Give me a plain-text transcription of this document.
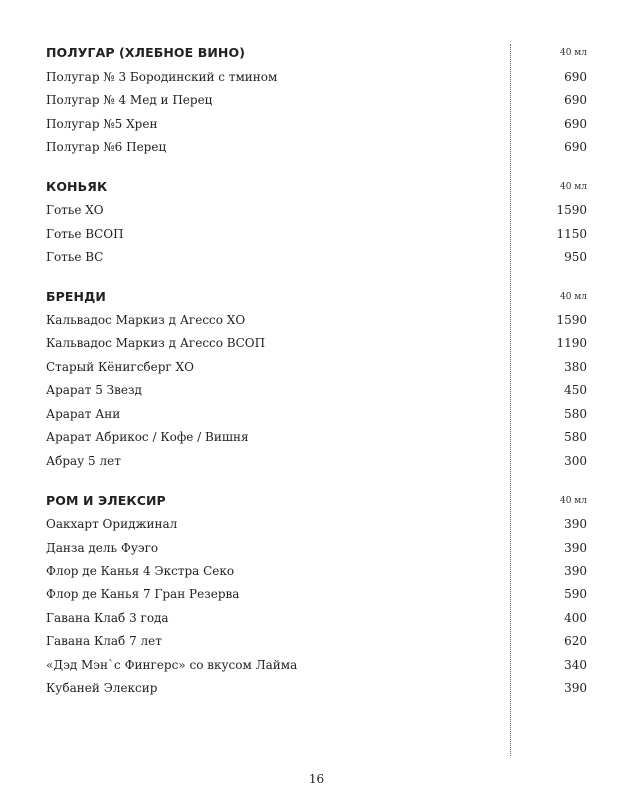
ПОЛУГАР (ХЛЕБНОЕ ВИНО)	40 мл
Полугар № 3 Бородинский с тмином	690
Полугар № 4 Мед и Перец	690
Полугар №5 Хрен	690
Полугар №6 Перец	690
КОНЬЯК	40 мл
Готье ХО	1590
Готье ВСОП	1150
Готье ВС	950
БРЕНДИ	40 мл
Кальвадос Маркиз д Агессо ХО	1590
Кальвадос Маркиз д Агессо ВСОП	1190
Старый Кёнигсберг ХО	380
Арарат 5 Звезд	450
Арарат Ани	580
Арарат Абрикос / Кофе / Вишня	580
Абрау 5 лет	300
РОМ И ЭЛЕКСИР	40 мл
Оакхарт Ориджинал	390
Данза дель Фуэго	390
Флор де Канья 4 Экстра Секо	390
Флор де Канья 7 Гран Резерва	590
Гавана Клаб 3 года	400
Гавана Клаб 7 лет	620
«Дэд Мэн`с Фингерс» со вкусом Лайма	340
Кубаней Элексир	390
16
